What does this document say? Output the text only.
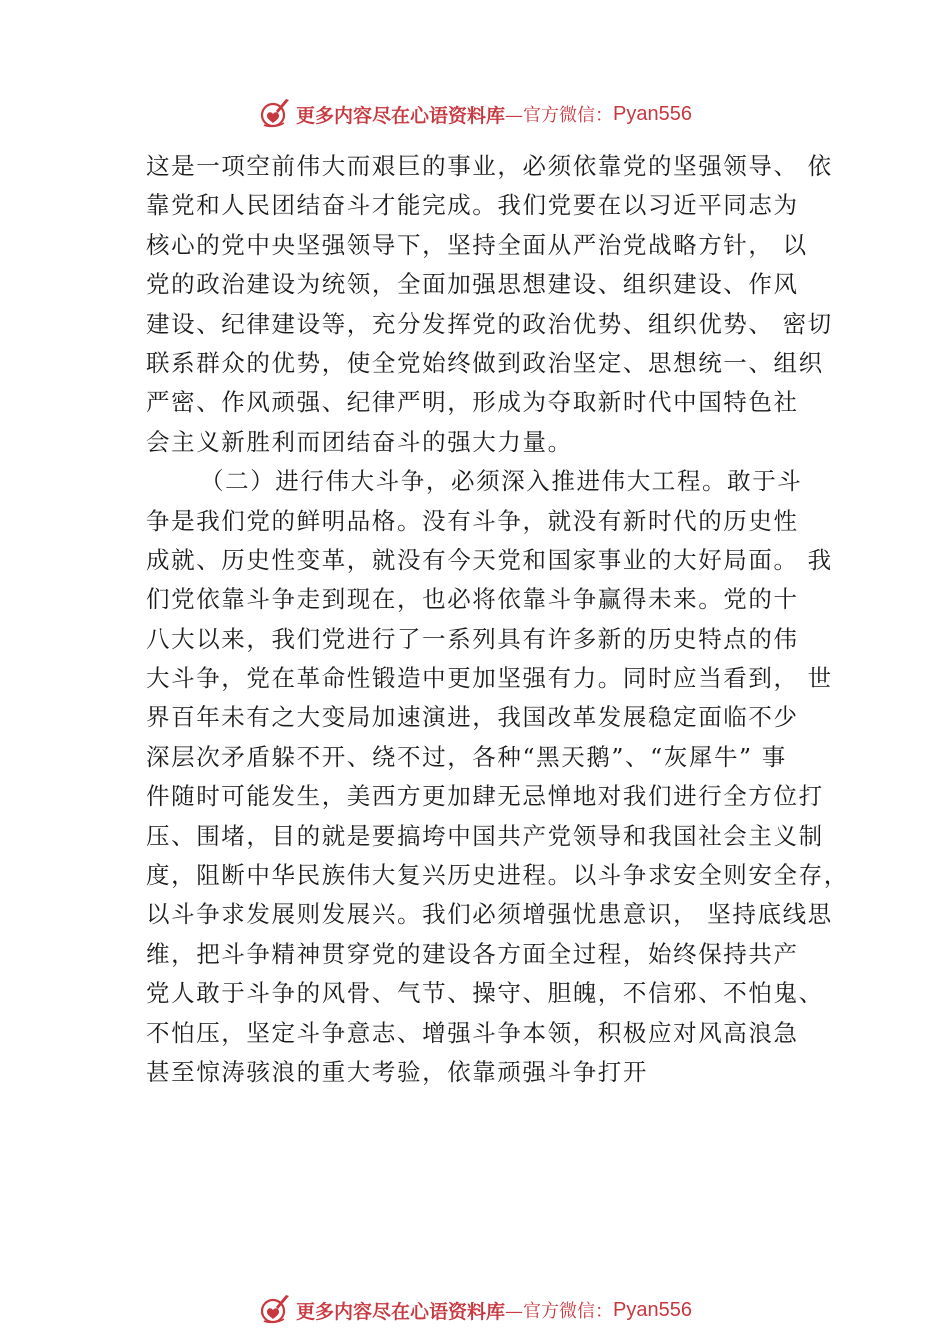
更多内容尽在心语资料库 —官方微信： Pyan556
这是一项空前伟大而艰巨的事业，必须依靠党的坚强领导、 依
靠党和人民团结奋斗才能完成。我们党要在以习近平同志为
核心的党中央坚强领导下，坚持全面从严治党战略方针， 以
党的政治建设为统领，全面加强思想建设、组织建设、作风
建设、纪律建设等，充分发挥党的政治优势、组织优势、 密切
联系群众的优势，使全党始终做到政治坚定、思想统一、组织
严密、作风顽强、纪律严明，形成为夺取新时代中国特色社
会主义新胜利而团结奋斗的强大力量。
（二）进行伟大斗争，必须深入推进伟大工程。敢于斗
争是我们党的鲜明品格。没有斗争，就没有新时代的历史性
成就、历史性变革，就没有今天党和国家事业的大好局面。 我
们党依靠斗争走到现在，也必将依靠斗争赢得未来。党的十
八大以来，我们党进行了一系列具有许多新的历史特点的伟
大斗争，党在革命性锻造中更加坚强有力。同时应当看到， 世
界百年未有之大变局加速演进，我国改革发展稳定面临不少
深层次矛盾躲不开、绕不过，各种“黑天鹅”、“灰犀牛” 事
件随时可能发生，美西方更加肆无忌惮地对我们进行全方位打
压、围堵，目的就是要搞垮中国共产党领导和我国社会主义制
度，阻断中华民族伟大复兴历史进程。以斗争求安全则安全存，
以斗争求发展则发展兴。我们必须增强忧患意识， 坚持底线思
维，把斗争精神贯穿党的建设各方面全过程，始终保持共产
党人敢于斗争的风骨、气节、操守、胆魄，不信邪、不怕鬼、
不怕压，坚定斗争意志、增强斗争本领，积极应对风高浪急
甚至惊涛骇浪的重大考验，依靠顽强斗争打开
更多内容尽在心语资料库 —官方微信： Pyan556
